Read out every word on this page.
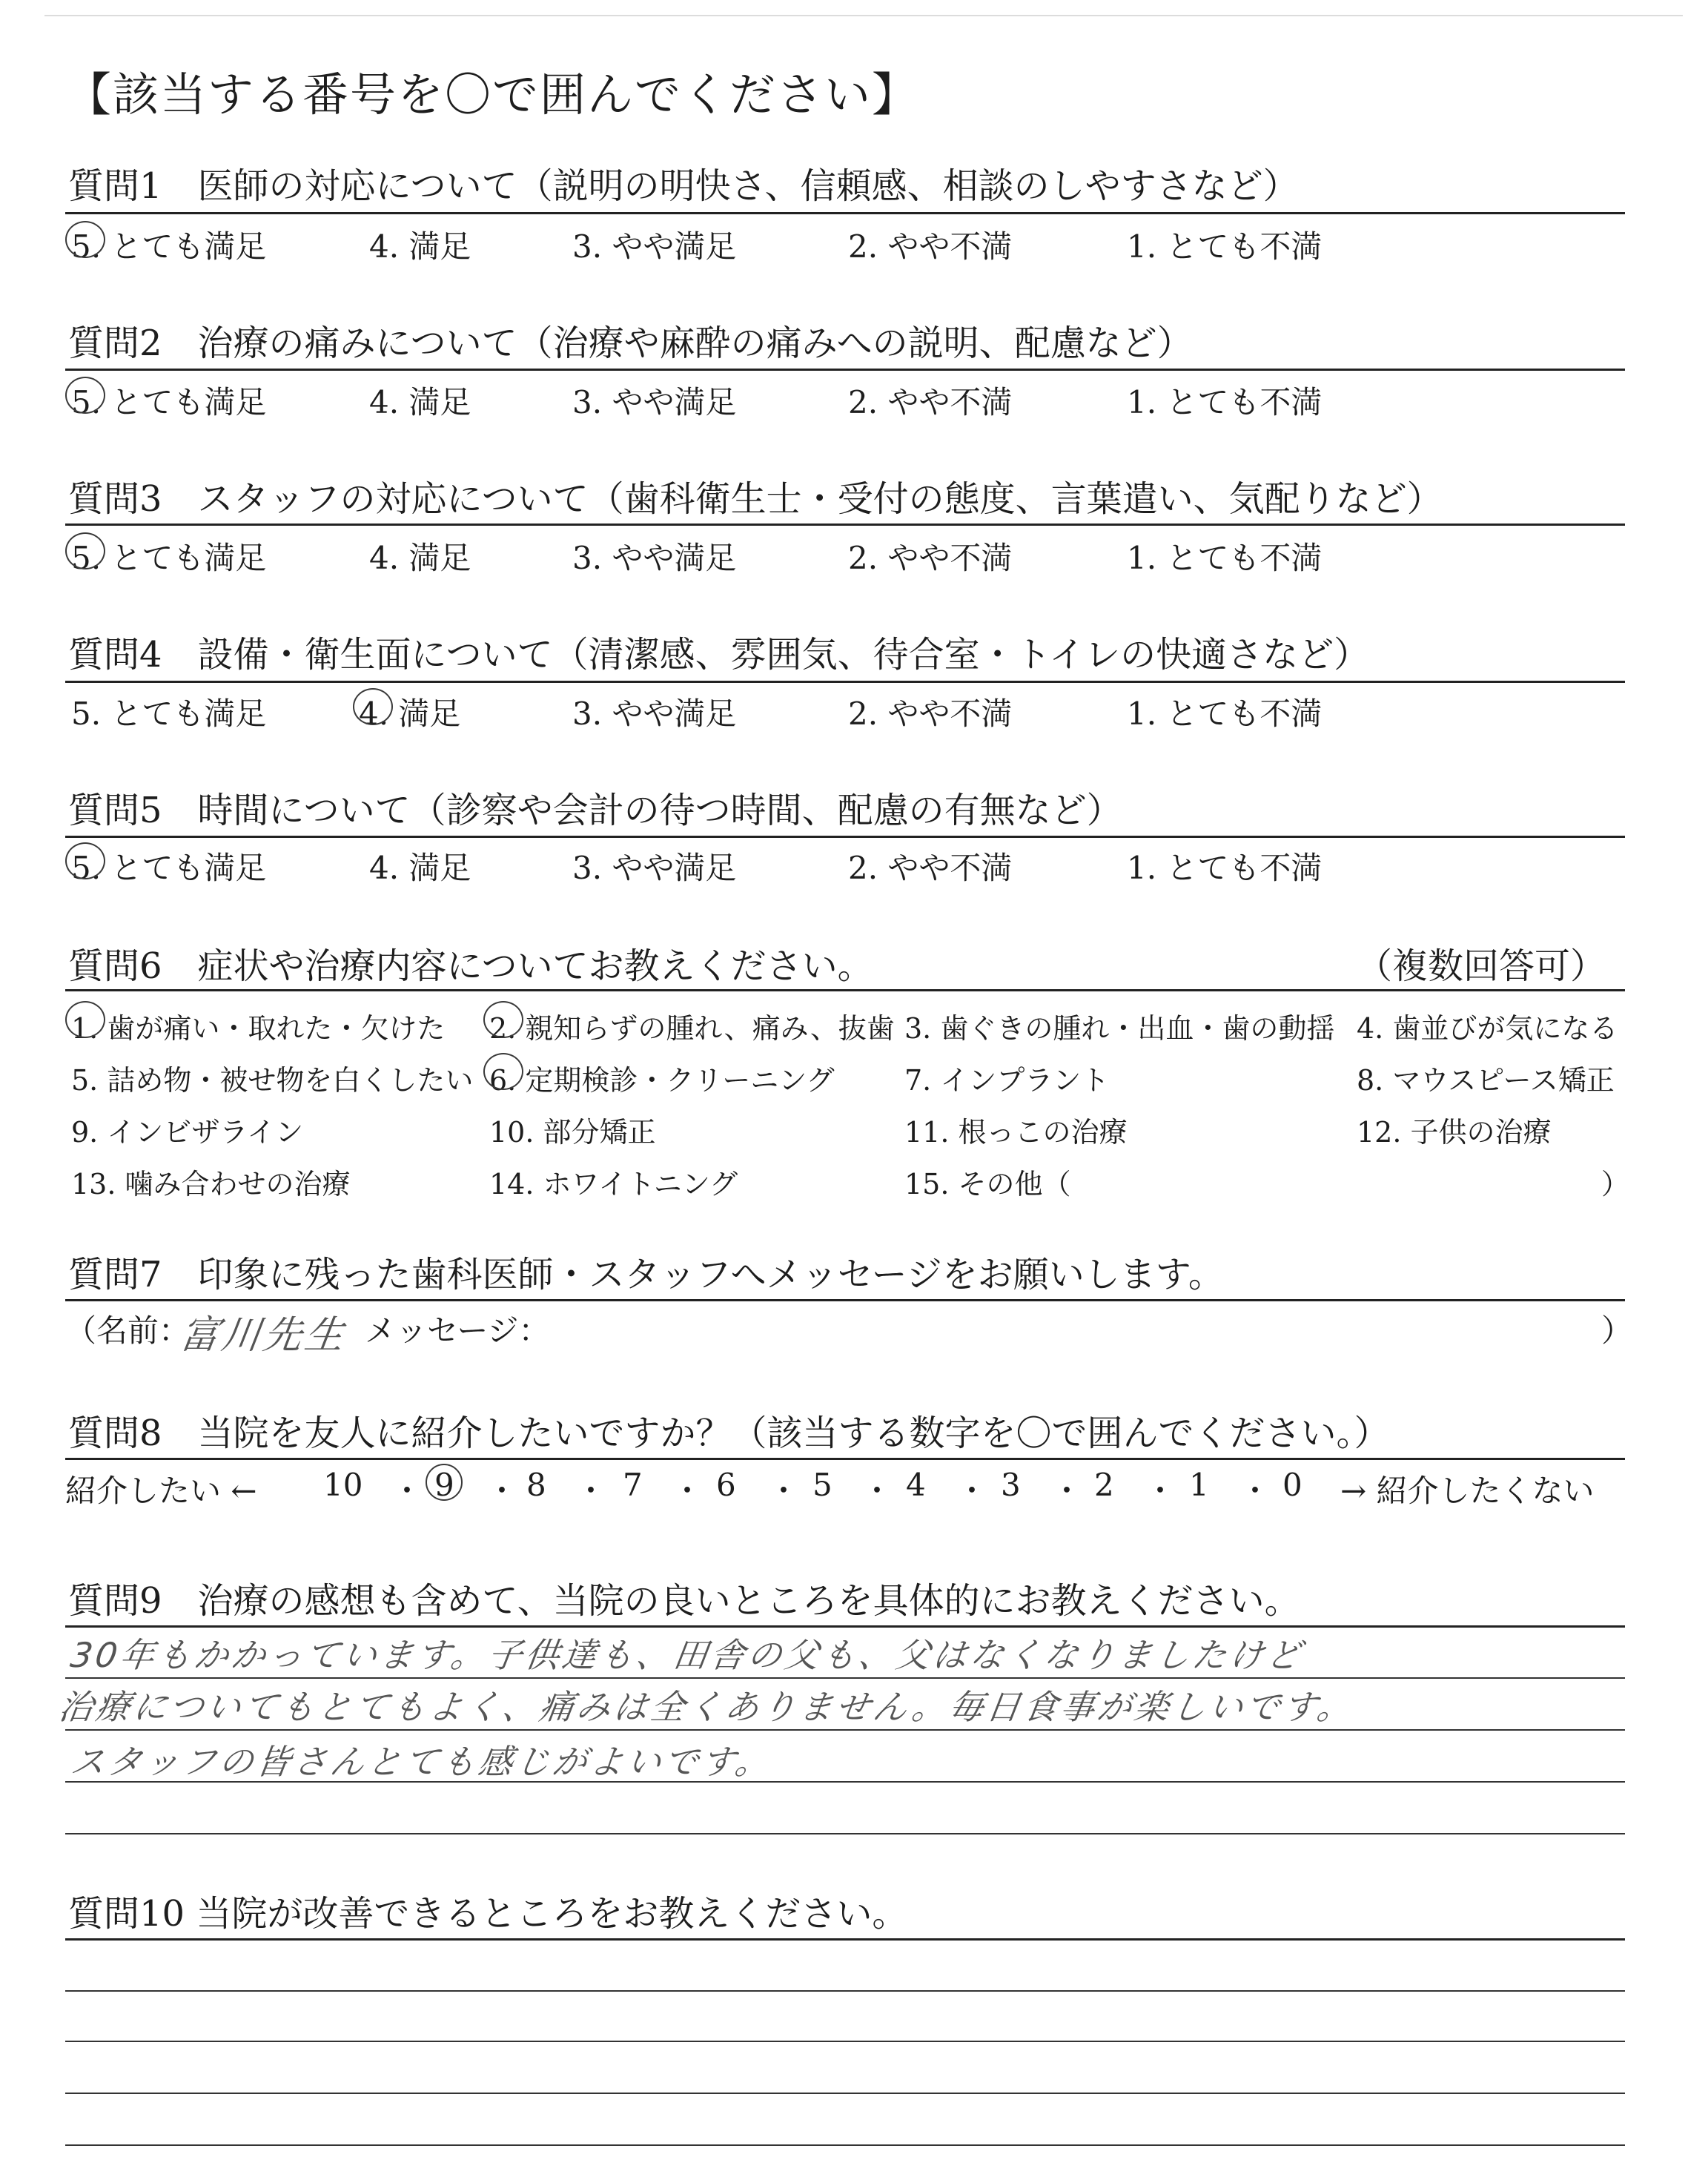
【該当する番号を〇で囲んでください】
質問1　医師の対応について（説明の明快さ、信頼感、相談のしやすさなど）
5. とても満足	4. 満足	3. やや満足	2. やや不満	1. とても不満
質問2　治療の痛みについて（治療や麻酔の痛みへの説明、配慮など）
5. とても満足	4. 満足	3. やや満足	2. やや不満	1. とても不満
質問3　スタッフの対応について（歯科衛生士・受付の態度、言葉遣い、気配りなど）
5. とても満足	4. 満足	3. やや満足	2. やや不満	1. とても不満
質問4　設備・衛生面について（清潔感、雰囲気、待合室・トイレの快適さなど）
5. とても満足	4. 満足	3. やや満足	2. やや不満	1. とても不満
質問5　時間について（診察や会計の待つ時間、配慮の有無など）
5. とても満足	4. 満足	3. やや満足	2. やや不満	1. とても不満
質問6　症状や治療内容についてお教えください。	（複数回答可）
1. 歯が痛い・取れた・欠けた 2. 親知らずの腫れ、痛み、抜歯 3. 歯ぐきの腫れ・出血・歯の動揺 4. 歯並びが気になる
5. 詰め物・被せ物を白くしたい 6. 定期検診・クリーニング 7. インプラント	8. マウスピース矯正
9. インビザライン	10. 部分矯正	11. 根っこの治療	12. 子供の治療
13. 噛み合わせの治療	14. ホワイトニング	15. その他（	）
質問7　印象に残った歯科医師・スタッフへメッセージをお願いします。
（名前：
富川先生 メッセージ：	）
質問8　当院を友人に紹介したいですか？（該当する数字を〇で囲んでください。）
紹介したい ← 10 ・ 9 ・ 8 ・ 7 ・ 6 ・ 5 ・ 4 ・ 3 ・ 2 ・ 1 ・ 0 → 紹介したくない
質問9　治療の感想も含めて、当院の良いところを具体的にお教えください。
30年もかかっています。子供達も、田舎の父も、父はなくなりましたけど
治療についてもとてもよく、痛みは全くありません。毎日食事が楽しいです。
スタッフの皆さんとても感じがよいです。
質問10 当院が改善できるところをお教えください。
